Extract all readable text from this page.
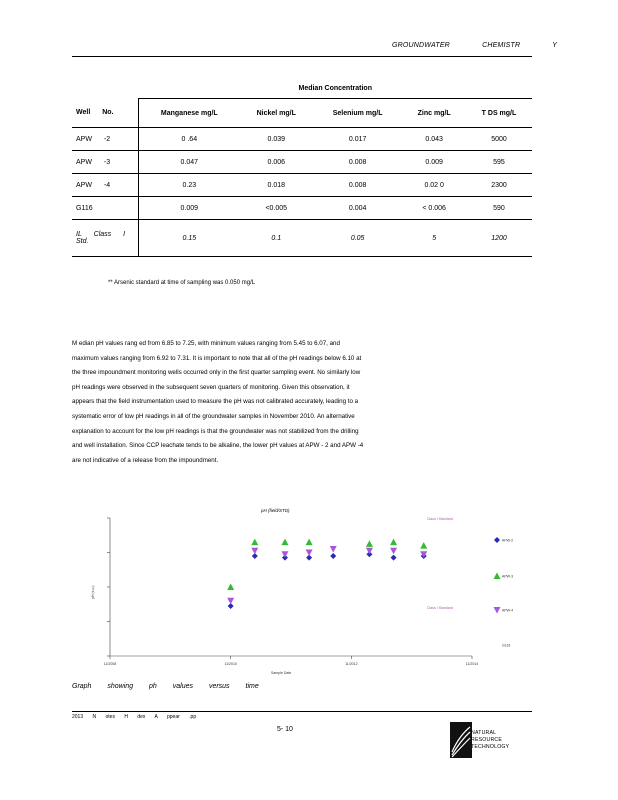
GROUNDWATER CHEMISTR Y
	Median Concentration				
Well No.	Manganese mg/L	Nickel mg/L	Selenium mg/L	Zinc mg/L	T DS mg/L
APW -2	0 .64	0.039	0.017	0.043	5000
APW -3	0.047	0.006	0.008	0.009	595
APW -4	0.23	0.018	0.008	0.02 0	2300
G116	0.009	<0.005	0.004	< 0.006	590
IL Class I Std.	0.15	0.1	0.05	5	1200
** Arsenic standard at time of sampling was 0.050 mg/L

M edian pH values rang ed from 6.85 to 7.25, with minimum values ranging from 5.45 to 6.07, and

maximum values ranging from 6.92 to 7.31. It is important to note that all of the pH readings below 6.10 at

the three impoundment monitoring wells occurred only in the first quarter sampling event. No similarly low

pH readings were observed in the subsequent seven quarters of monitoring. Given this observation, it

appears that the field instrumentation used to measure the pH was not calibrated accurately, leading to a

systematic error of low pH readings in all of the groundwater samples in November 2010. An alternative

explanation to account for the low pH readings is that the groundwater was not stabilized from the drilling

and well installation. Since CCP leachate tends to be alkaline, the lower pH values at APW - 2 and APW -4

are not indicative of a release from the impoundment.

11/2008	11/2010	11/2012	11/2014
pH (field/STD)
Sample Date
pH (s.u.)
Class I Standard
Class I Standard
APW-2
APW-3
APW-4
G116
Graph showing ph values versus time
2013 N otes H dex A ppear .pp
5- 10	NATURAL
RESOURCE
TECHNOLOGY
